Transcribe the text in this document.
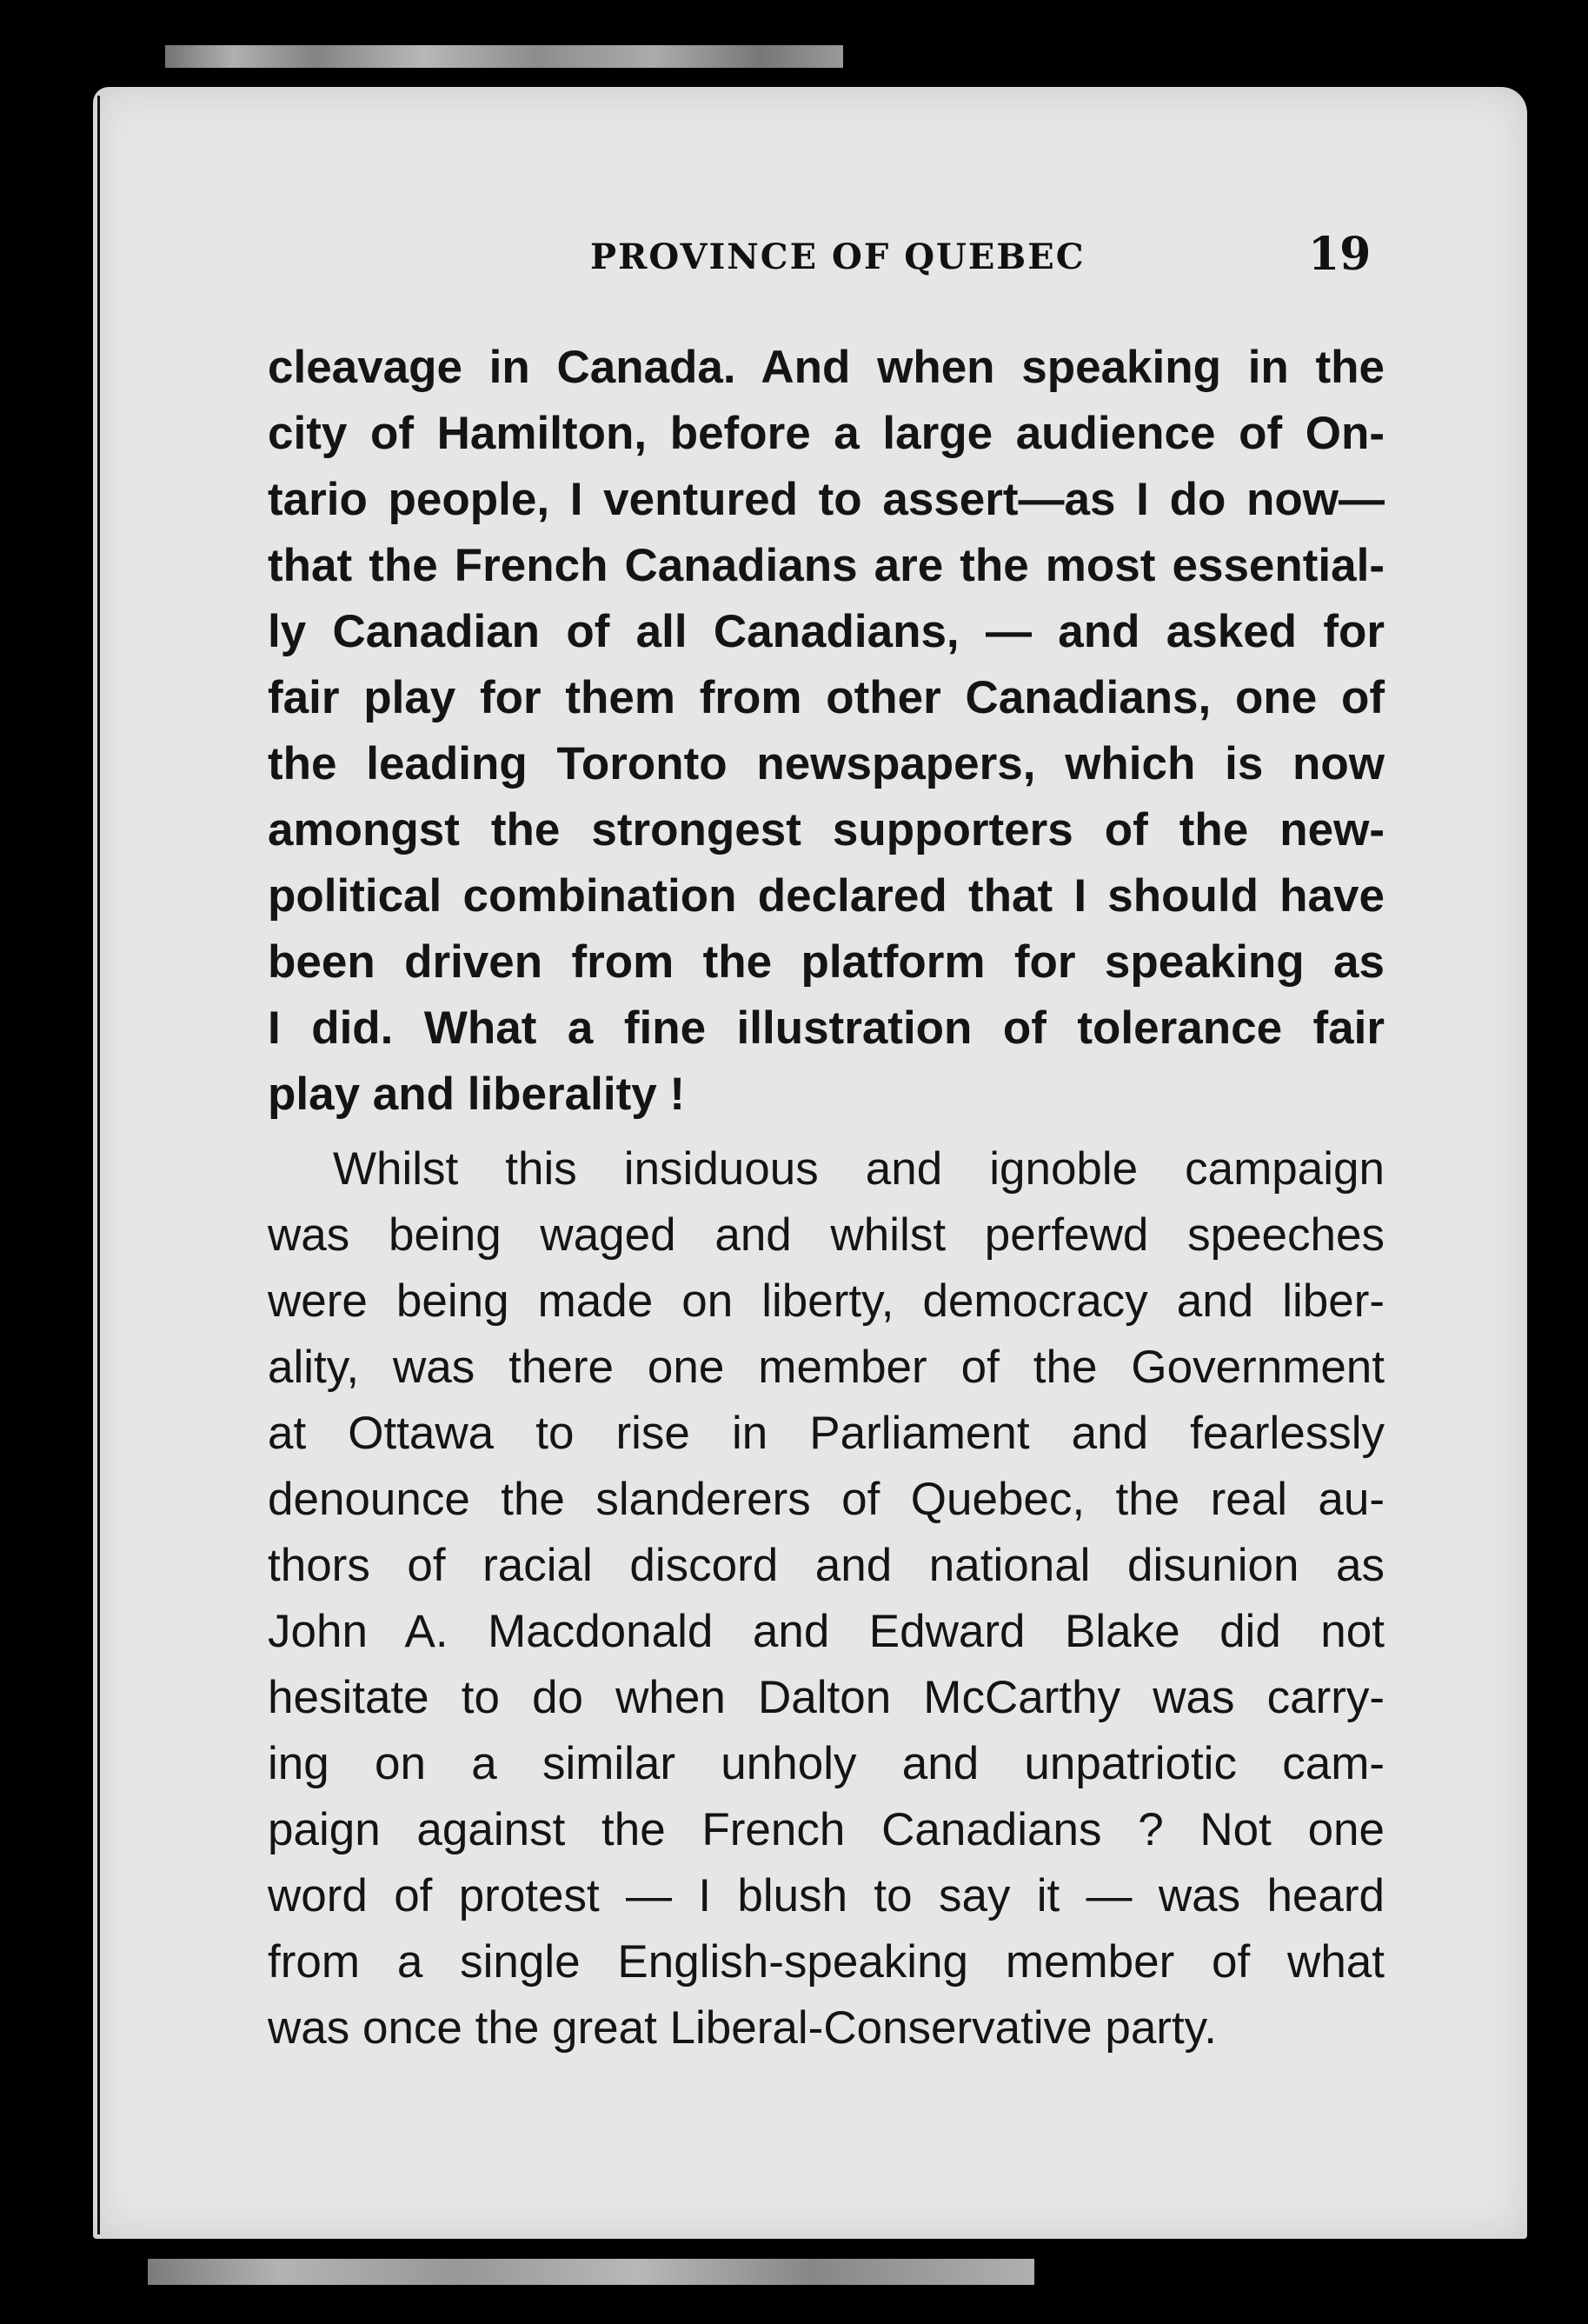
PROVINCE OF QUEBEC	19
cleavage in Canada. And when speaking in the
city of Hamilton, before a large audience of On-
tario people, I ventured to assert—as I do now—
that the French Canadians are the most essential-
ly Canadian of all Canadians, — and asked for
fair play for them from other Canadians, one of
the leading Toronto newspapers, which is now
amongst the strongest supporters of the new-
political combination declared that I should have
been driven from the platform for speaking as
I did. What a fine illustration of tolerance fair
play and liberality !
Whilst this insiduous and ignoble campaign
was being waged and whilst perfewd speeches
were being made on liberty, democracy and liber-
ality, was there one member of the Government
at Ottawa to rise in Parliament and fearlessly
denounce the slanderers of Quebec, the real au-
thors of racial discord and national disunion as
John A. Macdonald and Edward Blake did not
hesitate to do when Dalton McCarthy was carry-
ing on a similar unholy and unpatriotic cam-
paign against the French Canadians ? Not one
word of protest — I blush to say it — was heard
from a single English-speaking member of what
was once the great Liberal-Conservative party.
